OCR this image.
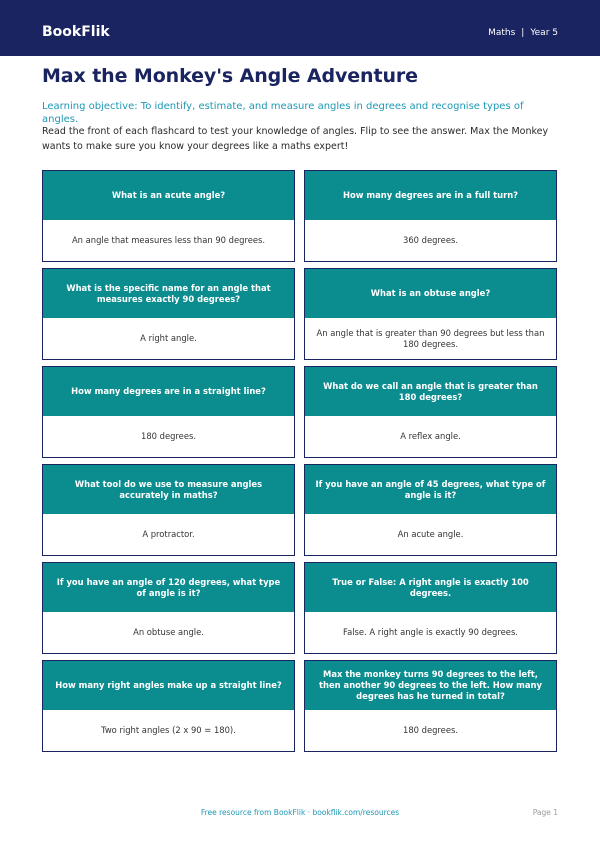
BookFlik	Maths | Year 5
Max the Monkey's Angle Adventure

Learning objective: To identify, estimate, and measure angles in degrees and recognise types of angles.

Read the front of each flashcard to test your knowledge of angles. Flip to see the answer. Max the Monkey wants to make sure you know your degrees like a maths expert!

What is an acute angle?
An angle that measures less than 90 degrees.
How many degrees are in a full turn?
360 degrees.
What is the specific name for an angle that measures exactly 90 degrees?
A right angle.
What is an obtuse angle?
An angle that is greater than 90 degrees but less than 180 degrees.
How many degrees are in a straight line?
180 degrees.
What do we call an angle that is greater than 180 degrees?
A reflex angle.
What tool do we use to measure angles accurately in maths?
A protractor.
If you have an angle of 45 degrees, what type of angle is it?
An acute angle.
If you have an angle of 120 degrees, what type of angle is it?
An obtuse angle.
True or False: A right angle is exactly 100 degrees.
False. A right angle is exactly 90 degrees.
How many right angles make up a straight line?
Two right angles (2 x 90 = 180).
Max the monkey turns 90 degrees to the left, then another 90 degrees to the left. How many degrees has he turned in total?
180 degrees.
Free resource from BookFlik · bookflik.com/resources	Page 1
